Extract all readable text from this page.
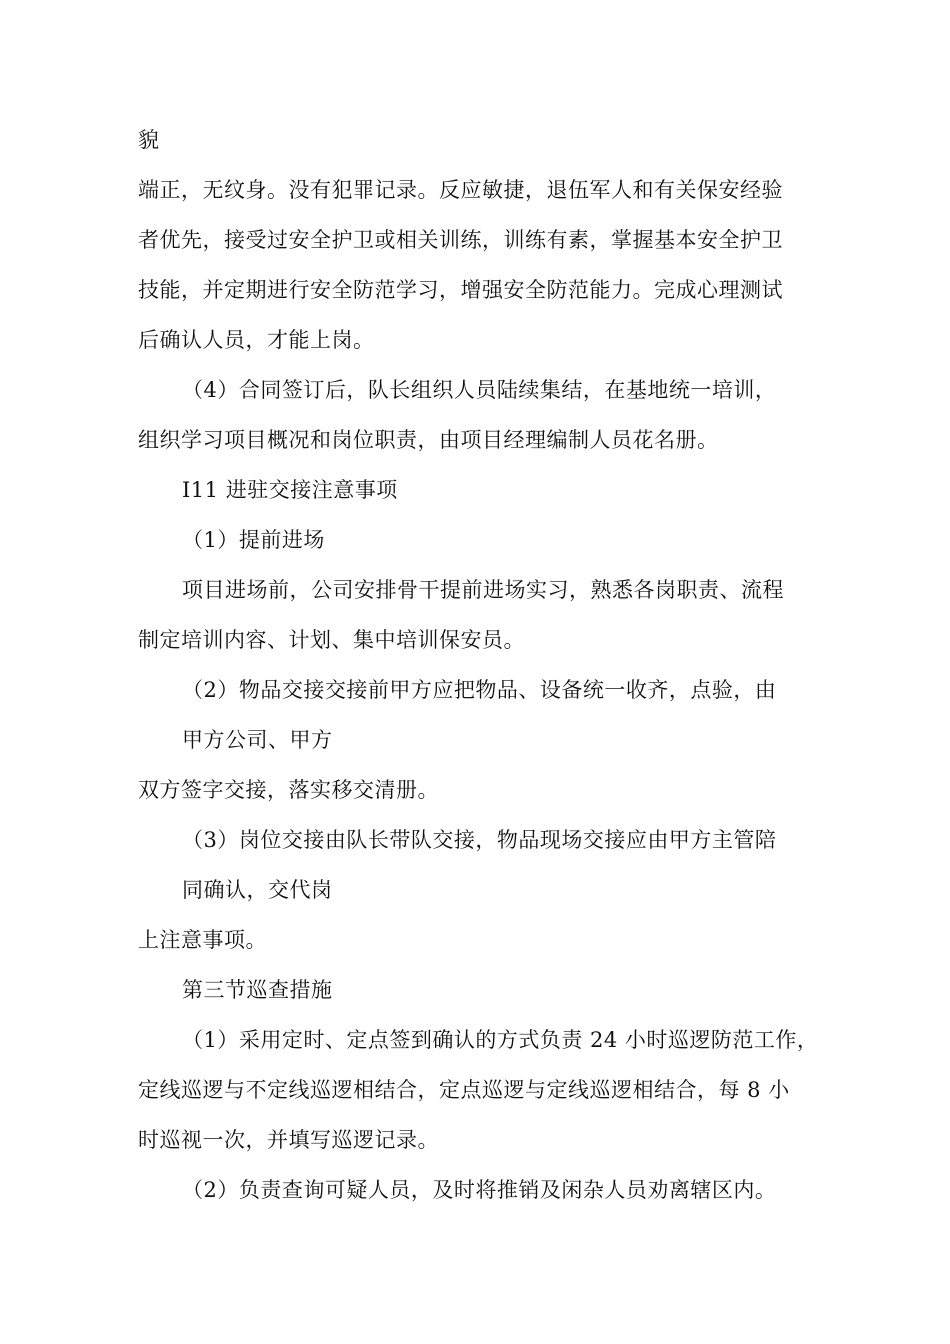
貌
端正，无纹身。没有犯罪记录。反应敏捷，退伍军人和有关保安经验
者优先，接受过安全护卫或相关训练，训练有素，掌握基本安全护卫
技能，并定期进行安全防范学习，增强安全防范能力。完成心理测试
后确认人员，才能上岗。
（4）合同签订后，队长组织人员陆续集结，在基地统一培训，
组织学习项目概况和岗位职责，由项目经理编制人员花名册。
I11 进驻交接注意事项
（1）提前进场
项目进场前，公司安排骨干提前进场实习，熟悉各岗职责、流程
制定培训内容、计划、集中培训保安员。
（2）物品交接交接前甲方应把物品、设备统一收齐，点验，由
甲方公司、甲方
双方签字交接，落实移交清册。
（3）岗位交接由队长带队交接，物品现场交接应由甲方主管陪
同确认，交代岗
上注意事项。
第三节巡查措施
（1）采用定时、定点签到确认的方式负责 24 小时巡逻防范工作，
定线巡逻与不定线巡逻相结合，定点巡逻与定线巡逻相结合，每 8 小
时巡视一次，并填写巡逻记录。
（2）负责查询可疑人员，及时将推销及闲杂人员劝离辖区内。
